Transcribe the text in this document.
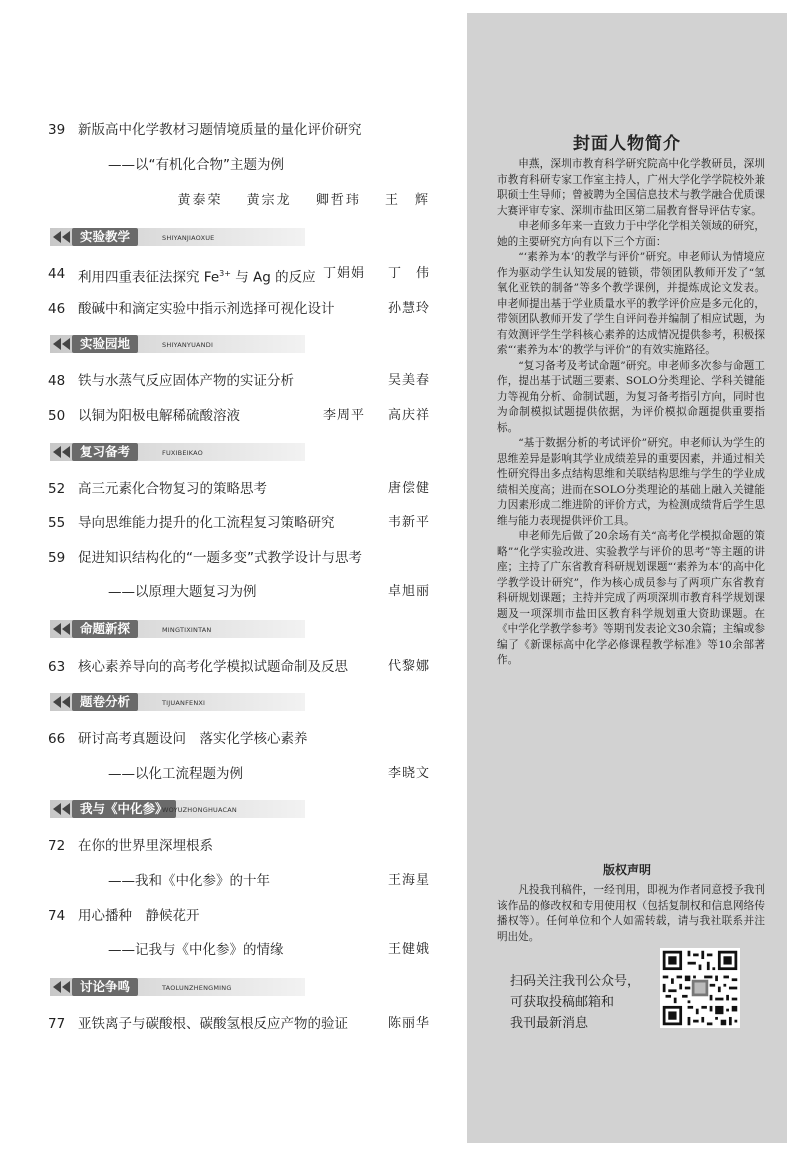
39 新版高中化学教材习题情境质量的量化评价研究
——以“有机化合物”主题为例
黄泰荣 黄宗龙 卿哲玮 王　辉
实验教学	SHIYANJIAOXUE
44 利用四重表征法探究 $Fe^{3+}$ 与 Ag 的反应 丁娟娟 丁　伟
46 酸碱中和滴定实验中指示剂选择可视化设计	孙慧玲
实验园地	SHIYANYUANDI
48 铁与水蒸气反应固体产物的实证分析	吴美春
50 以铜为阳极电解稀硫酸溶液	李周平 高庆祥
复习备考	FUXIBEIKAO
52 高三元素化合物复习的策略思考	唐偿健
55 导向思维能力提升的化工流程复习策略研究	韦新平
59 促进知识结构化的“一题多变”式教学设计与思考
——以原理大题复习为例	卓旭丽
命题新探	MINGTIXINTAN
63 核心素养导向的高考化学模拟试题命制及反思	代黎娜
题卷分析	TIJUANFENXI
66 研讨高考真题设问　落实化学核心素养
——以化工流程题为例	李晓文
我与《中化参》
WOYUZHONGHUACAN
72 在你的世界里深埋根系
——我和《中化参》的十年	王海星
74 用心播种　静候花开
——记我与《中化参》的情缘	王健娥
讨论争鸣	TAOLUNZHENGMING
77 亚铁离子与碳酸根、碳酸氢根反应产物的验证	陈丽华
封面人物简介

申燕，深圳市教育科学研究院高中化学教研员，深圳市教育科研专家工作室主持人，广州大学化学学院校外兼职硕士生导师；曾被聘为全国信息技术与教学融合优质课大赛评审专家、深圳市盐田区第二届教育督导评估专家。

申老师多年来一直致力于中学化学相关领域的研究，她的主要研究方向有以下三个方面：

“‘素养为本’的教学与评价”研究。申老师认为情境应作为驱动学生认知发展的链锁，带领团队教师开发了“氢氧化亚铁的制备”等多个教学课例，并提炼成论文发表。申老师提出基于学业质量水平的教学评价应是多元化的，带领团队教师开发了学生自评问卷并编制了相应试题，为有效测评学生学科核心素养的达成情况提供参考，积极探索“‘素养为本’的教学与评价”的有效实施路径。

“复习备考及考试命题”研究。申老师多次参与命题工作，提出基于试题三要素、SOLO分类理论、学科关键能力等视角分析、命制试题，为复习备考指引方向，同时也为命制模拟试题提供依据，为评价模拟命题提供重要指标。

“基于数据分析的考试评价”研究。申老师认为学生的思维差异是影响其学业成绩差异的重要因素，并通过相关性研究得出多点结构思维和关联结构思维与学生的学业成绩相关度高；进而在SOLO分类理论的基础上融入关键能力因素形成二维进阶的评价方式，为检测成绩背后学生思维与能力表现提供评价工具。

申老师先后做了20余场有关“高考化学模拟命题的策略”“化学实验改进、实验教学与评价的思考”等主题的讲座；主持了广东省教育科研规划课题“‘素养为本’的高中化学教学设计研究”，作为核心成员参与了两项广东省教育科研规划课题；主持并完成了两项深圳市教育科学规划课题及一项深圳市盐田区教育科学规划重大资助课题。在《中学化学教学参考》等期刊发表论文30余篇；主编或参编了《新课标高中化学必修课程教学标准》等10余部著作。

版权声明

凡投我刊稿件，一经刊用，即视为作者同意授予我刊该作品的修改权和专用使用权（包括复制权和信息网络传播权等）。任何单位和个人如需转载，请与我社联系并注明出处。

扫码关注我刊公众号，
可获取投稿邮箱和
我刊最新消息
